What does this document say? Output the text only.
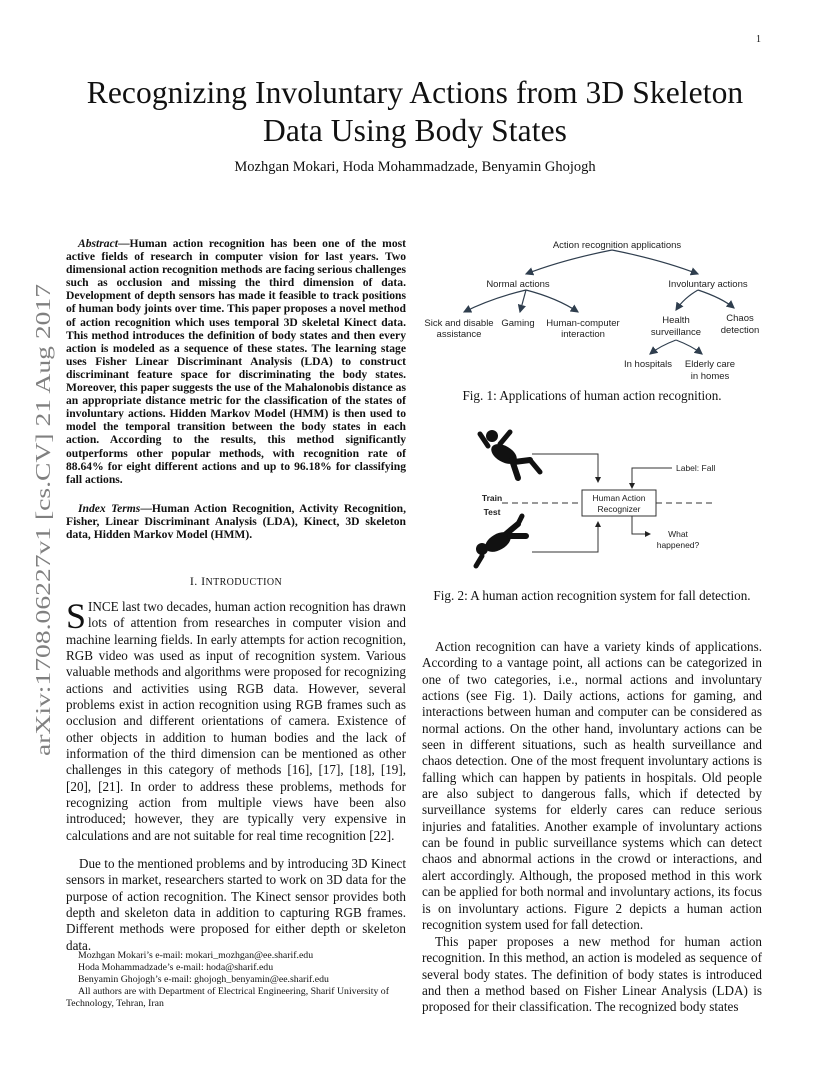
1
arXiv:1708.06227v1 [cs.CV] 21 Aug 2017
Recognizing Involuntary Actions from 3D Skeleton Data Using Body States
Mozhgan Mokari, Hoda Mohammadzade, Benyamin Ghojogh
Abstract—Human action recognition has been one of the most active fields of research in computer vision for last years. Two dimensional action recognition methods are facing serious challenges such as occlusion and missing the third dimension of data. Development of depth sensors has made it feasible to track positions of human body joints over time. This paper proposes a novel method of action recognition which uses temporal 3D skeletal Kinect data. This method introduces the definition of body states and then every action is modeled as a sequence of these states. The learning stage uses Fisher Linear Discriminant Analysis (LDA) to construct discriminant feature space for discriminating the body states. Moreover, this paper suggests the use of the Mahalonobis distance as an appropriate distance metric for the classification of the states of involuntary actions. Hidden Markov Model (HMM) is then used to model the temporal transition between the body states in each action. According to the results, this method significantly outperforms other popular methods, with recognition rate of 88.64% for eight different actions and up to 96.18% for classifying fall actions.
Index Terms—Human Action Recognition, Activity Recognition, Fisher, Linear Discriminant Analysis (LDA), Kinect, 3D skeleton data, Hidden Markov Model (HMM).
I. INTRODUCTION
SINCE last two decades, human action recognition has drawn lots of attention from researches in computer vision and machine learning fields. In early attempts for action recognition, RGB video was used as input of recognition system. Various valuable methods and algorithms were proposed for recognizing actions and activities using RGB data. However, several problems exist in action recognition using RGB frames such as occlusion and different orientations of camera. Existence of other objects in addition to human bodies and the lack of information of the third dimension can be mentioned as other challenges in this category of methods [16], [17], [18], [19], [20], [21]. In order to address these problems, methods for recognizing action from multiple views have been also introduced; however, they are typically very expensive in calculations and are not suitable for real time recognition [22].
Due to the mentioned problems and by introducing 3D Kinect sensors in market, researchers started to work on 3D data for the purpose of action recognition. The Kinect sensor provides both depth and skeleton data in addition to capturing RGB frames. Different methods were proposed for either depth or skeleton data.
Mozhgan Mokari’s e-mail: mokari_mozhgan@ee.sharif.edu
Hoda Mohammadzade’s e-mail: hoda@sharif.edu
Benyamin Ghojogh’s e-mail: ghojogh_benyamin@ee.sharif.edu
All authors are with Department of Electrical Engineering, Sharif University of Technology, Tehran, Iran
Action recognition applications
Normal actions	Involuntary actions
Sick and disable
assistance
Gaming Human-computer
interaction
Health
surveillance
Chaos
detection
In hospitals Elderly care
in homes
Fig. 1: Applications of human action recognition.
Human Action
Recognizer
Train
Test
Label: Fall
What
happened?
Fig. 2: A human action recognition system for fall detection.
Action recognition can have a variety kinds of applications. According to a vantage point, all actions can be categorized in one of two categories, i.e., normal actions and involuntary actions (see Fig. 1). Daily actions, actions for gaming, and interactions between human and computer can be considered as normal actions. On the other hand, involuntary actions can be seen in different situations, such as health surveillance and chaos detection. One of the most frequent involuntary actions is falling which can happen by patients in hospitals. Old people are also subject to dangerous falls, which if detected by surveillance systems for elderly cares can reduce serious injuries and fatalities. Another example of involuntary actions can be found in public surveillance systems which can detect chaos and abnormal actions in the crowd or interactions, and alert accordingly. Although, the proposed method in this work can be applied for both normal and involuntary actions, its focus is on involuntary actions. Figure 2 depicts a human action recognition system used for fall detection.
This paper proposes a new method for human action recognition. In this method, an action is modeled as sequence of several body states. The definition of body states is introduced and then a method based on Fisher Linear Analysis (LDA) is proposed for their classification. The recognized body states
